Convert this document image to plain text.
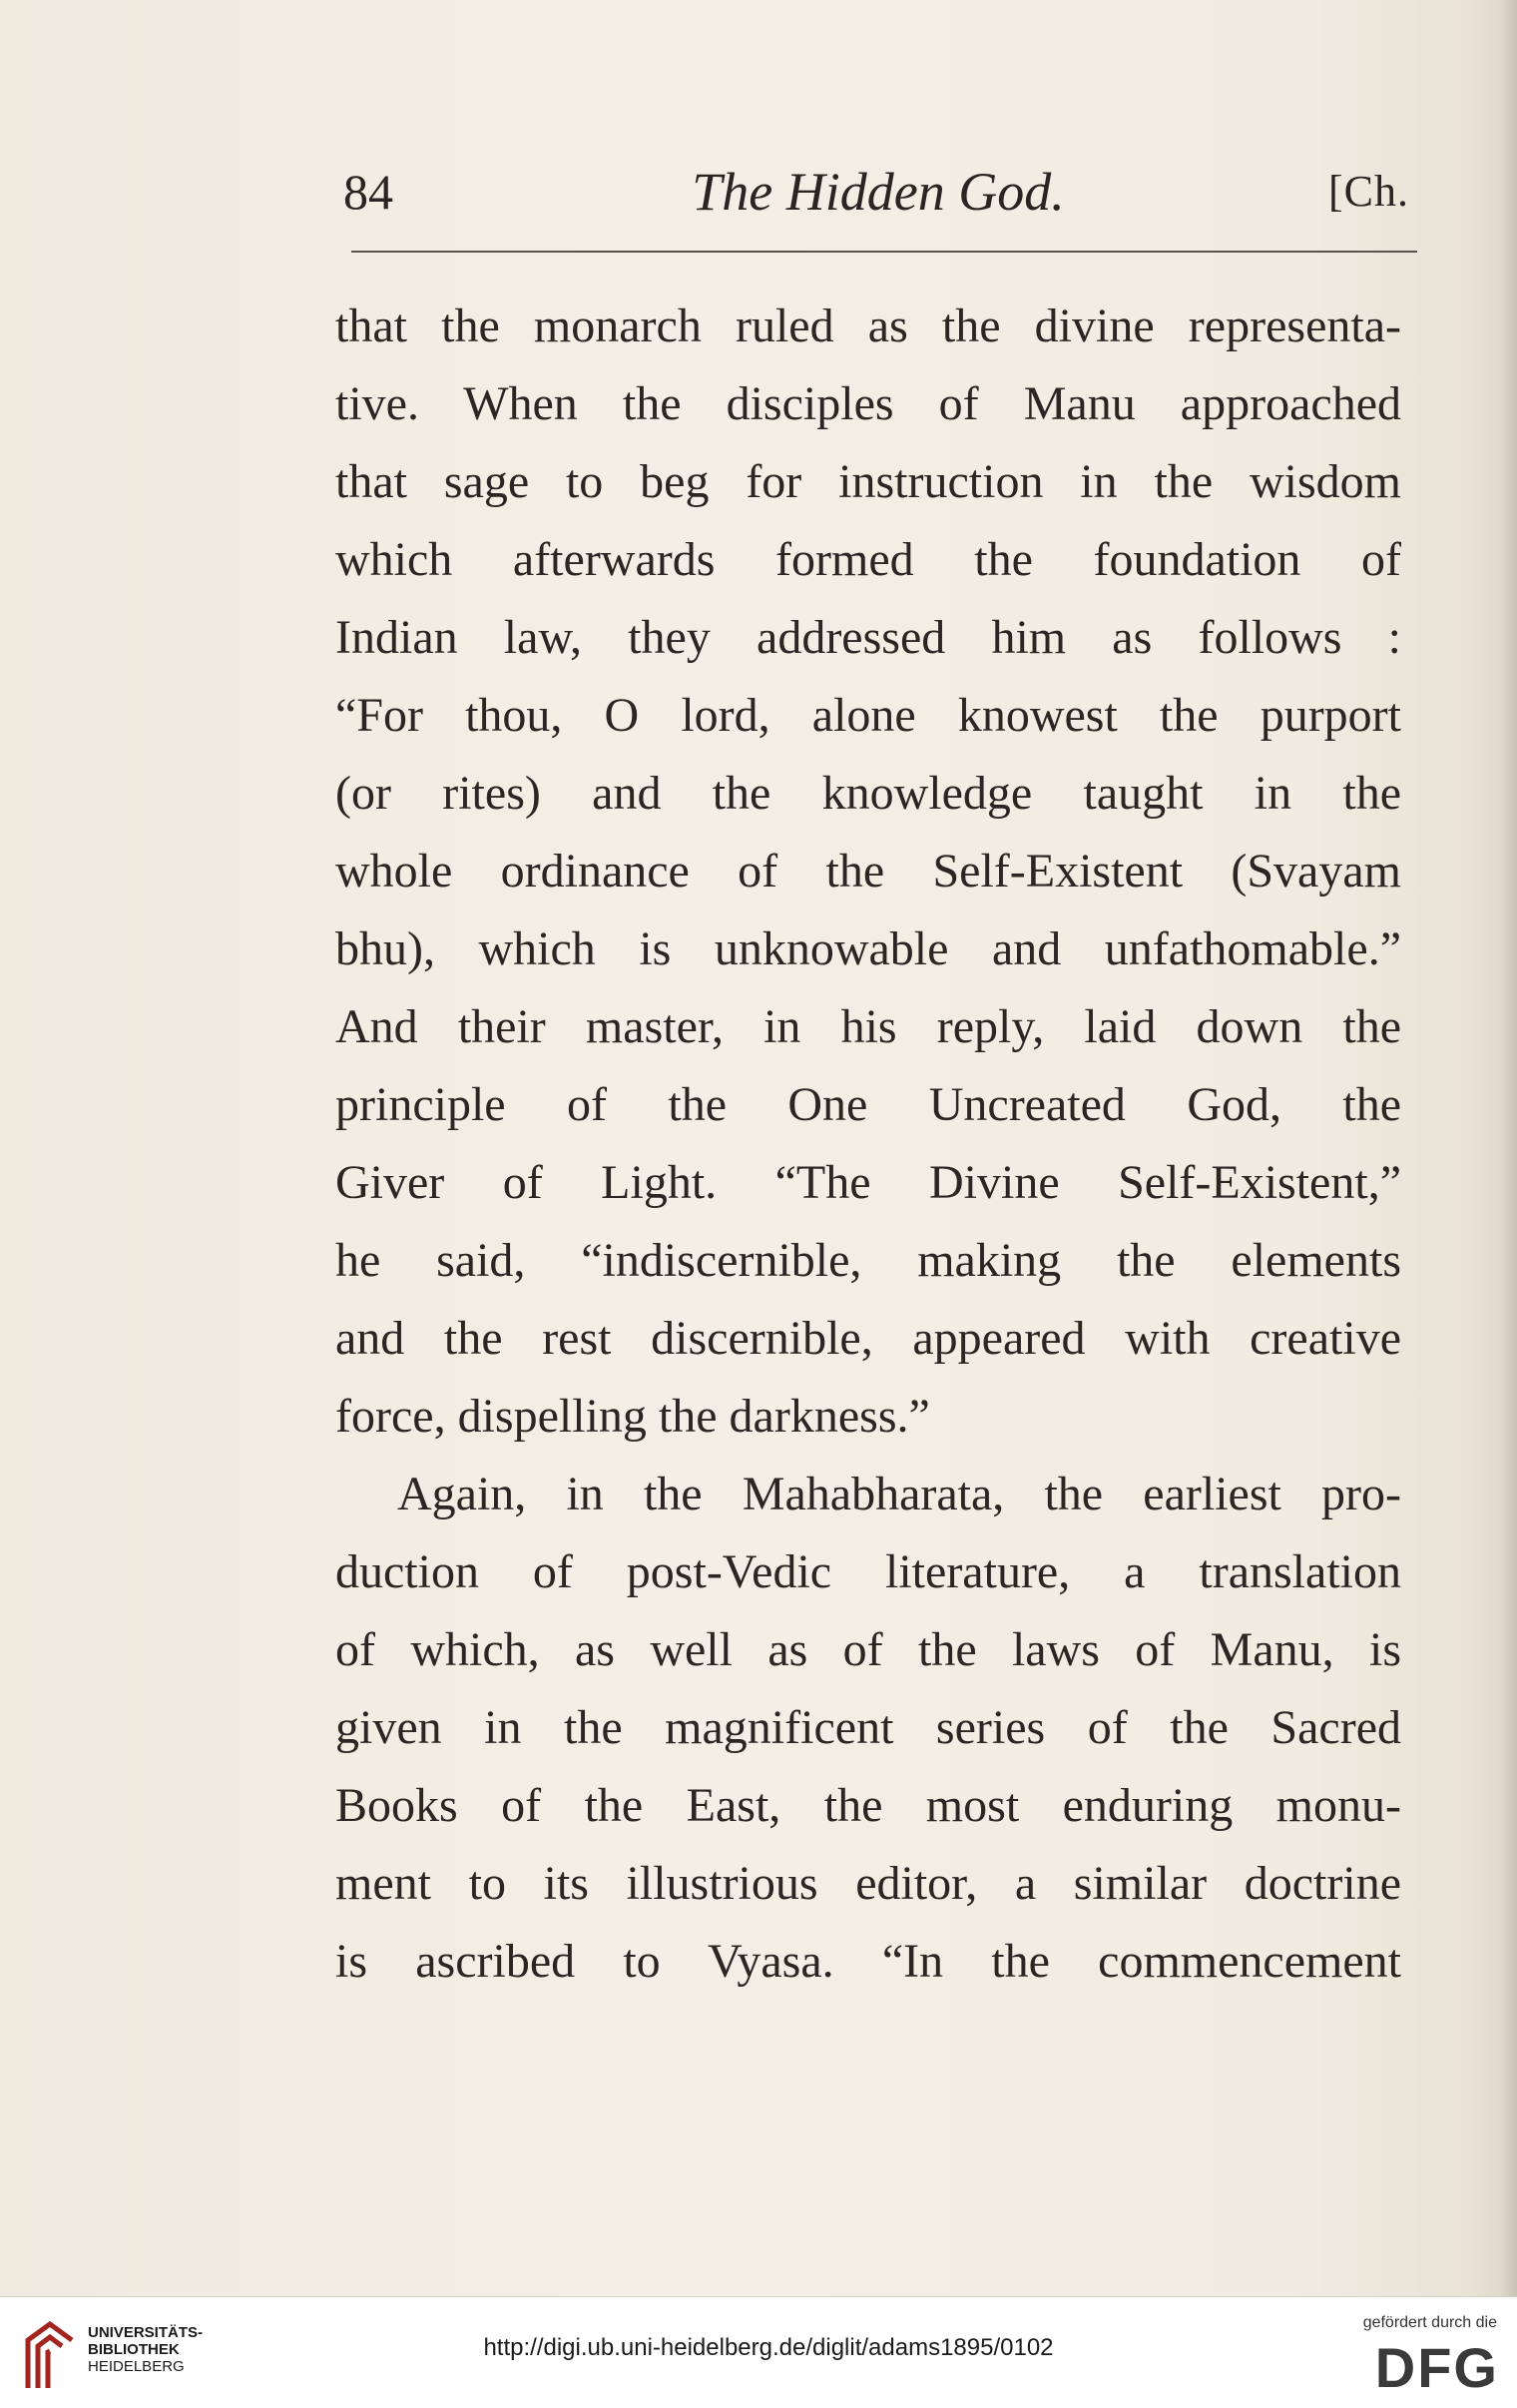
84	The Hidden God.	[Ch.
that the monarch ruled as the divine representa-
tive. When the disciples of Manu approached
that sage to beg for instruction in the wisdom
which afterwards formed the foundation of
Indian law, they addressed him as follows :
“For thou, O lord, alone knowest the purport
(or rites) and the knowledge taught in the
whole ordinance of the Self-Existent (Svayam
bhu), which is unknowable and unfathomable.”
And their master, in his reply, laid down the
principle of the One Uncreated God, the
Giver of Light. “The Divine Self-Existent,”
he said, “indiscernible, making the elements
and the rest discernible, appeared with creative
force, dispelling the darkness.”
Again, in the Mahabharata, the earliest pro-
duction of post-Vedic literature, a translation
of which, as well as of the laws of Manu, is
given in the magnificent series of the Sacred
Books of the East, the most enduring monu-
ment to its illustrious editor, a similar doctrine
is ascribed to Vyasa. “In the commencement
UNIVERSITÄTS-
BIBLIOTHEK
HEIDELBERG
http://digi.ub.uni-heidelberg.de/diglit/adams1895/0102
gefördert durch die
DFG
